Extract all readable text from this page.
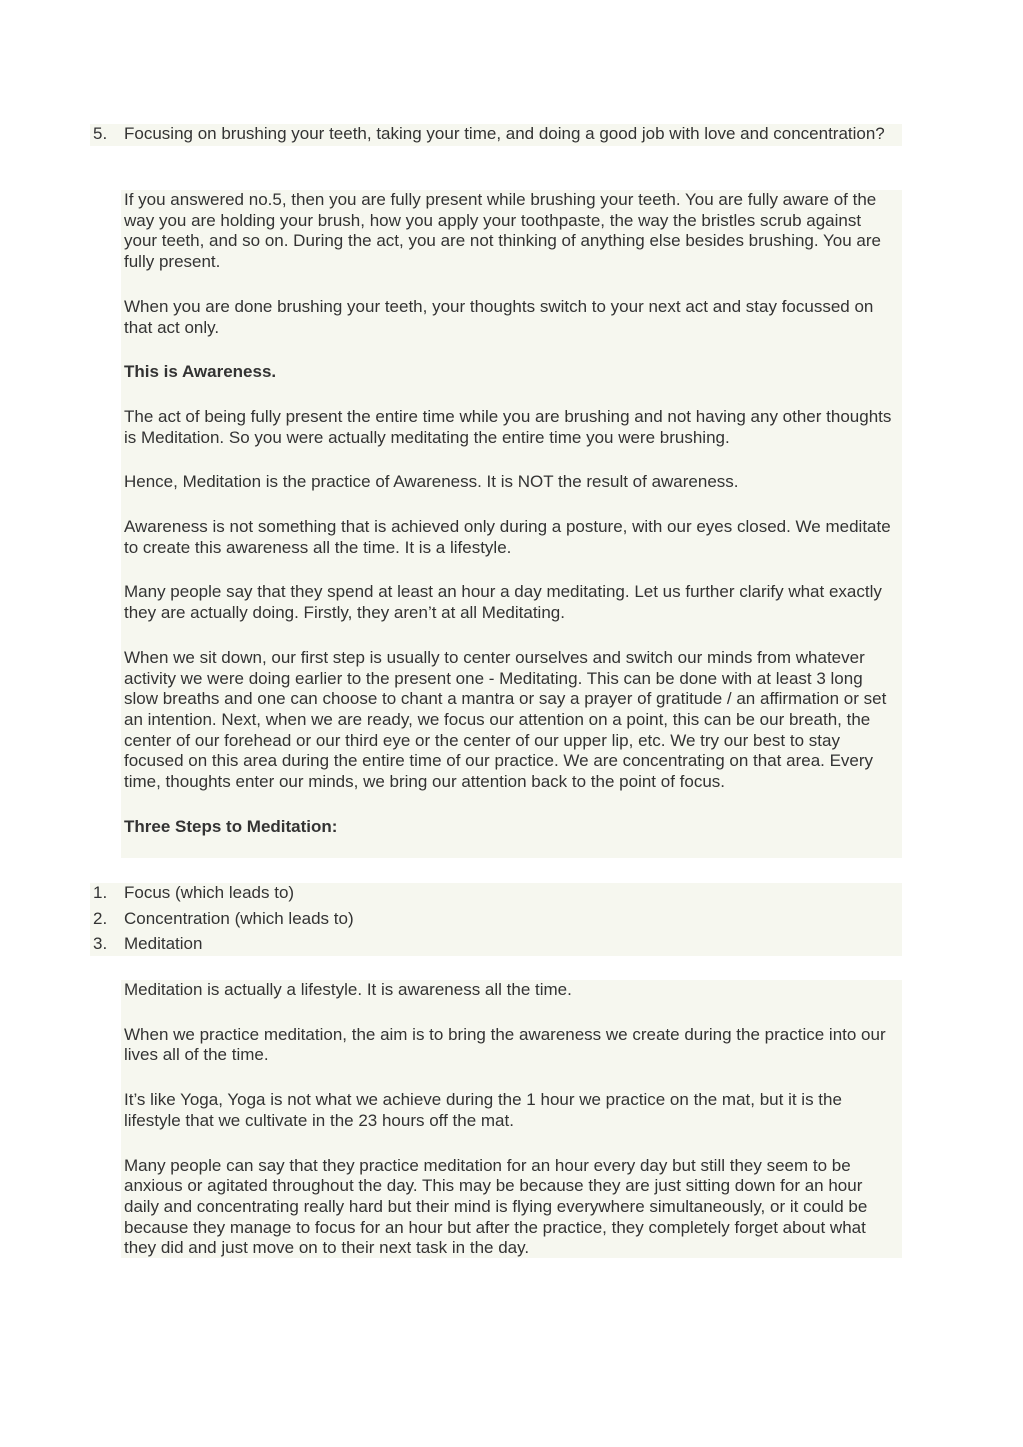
5. Focusing on brushing your teeth, taking your time, and doing a good job with love and concentration?

If you answered no.5, then you are fully present while brushing your teeth. You are fully aware of the way you are holding your brush, how you apply your toothpaste, the way the bristles scrub against your teeth, and so on. During the act, you are not thinking of anything else besides brushing. You are fully present.

When you are done brushing your teeth, your thoughts switch to your next act and stay focussed on that act only.

This is Awareness.

The act of being fully present the entire time while you are brushing and not having any other thoughts is Meditation. So you were actually meditating the entire time you were brushing.

Hence, Meditation is the practice of Awareness. It is NOT the result of awareness.

Awareness is not something that is achieved only during a posture, with our eyes closed. We meditate to create this awareness all the time. It is a lifestyle.

Many people say that they spend at least an hour a day meditating. Let us further clarify what exactly they are actually doing. Firstly, they aren’t at all Meditating.

When we sit down, our first step is usually to center ourselves and switch our minds from whatever activity we were doing earlier to the present one - Meditating. This can be done with at least 3 long slow breaths and one can choose to chant a mantra or say a prayer of gratitude / an affirmation or set an intention. Next, when we are ready, we focus our attention on a point, this can be our breath, the center of our forehead or our third eye or the center of our upper lip, etc. We try our best to stay focused on this area during the entire time of our practice. We are concentrating on that area. Every time, thoughts enter our minds, we bring our attention back to the point of focus.

Three Steps to Meditation:

1. Focus (which leads to)
2. Concentration (which leads to)
3. Meditation

Meditation is actually a lifestyle. It is awareness all the time.

When we practice meditation, the aim is to bring the awareness we create during the practice into our lives all of the time.

It’s like Yoga, Yoga is not what we achieve during the 1 hour we practice on the mat, but it is the lifestyle that we cultivate in the 23 hours off the mat.

Many people can say that they practice meditation for an hour every day but still they seem to be anxious or agitated throughout the day. This may be because they are just sitting down for an hour daily and concentrating really hard but their mind is flying everywhere simultaneously, or it could be because they manage to focus for an hour but after the practice, they completely forget about what they did and just move on to their next task in the day.
